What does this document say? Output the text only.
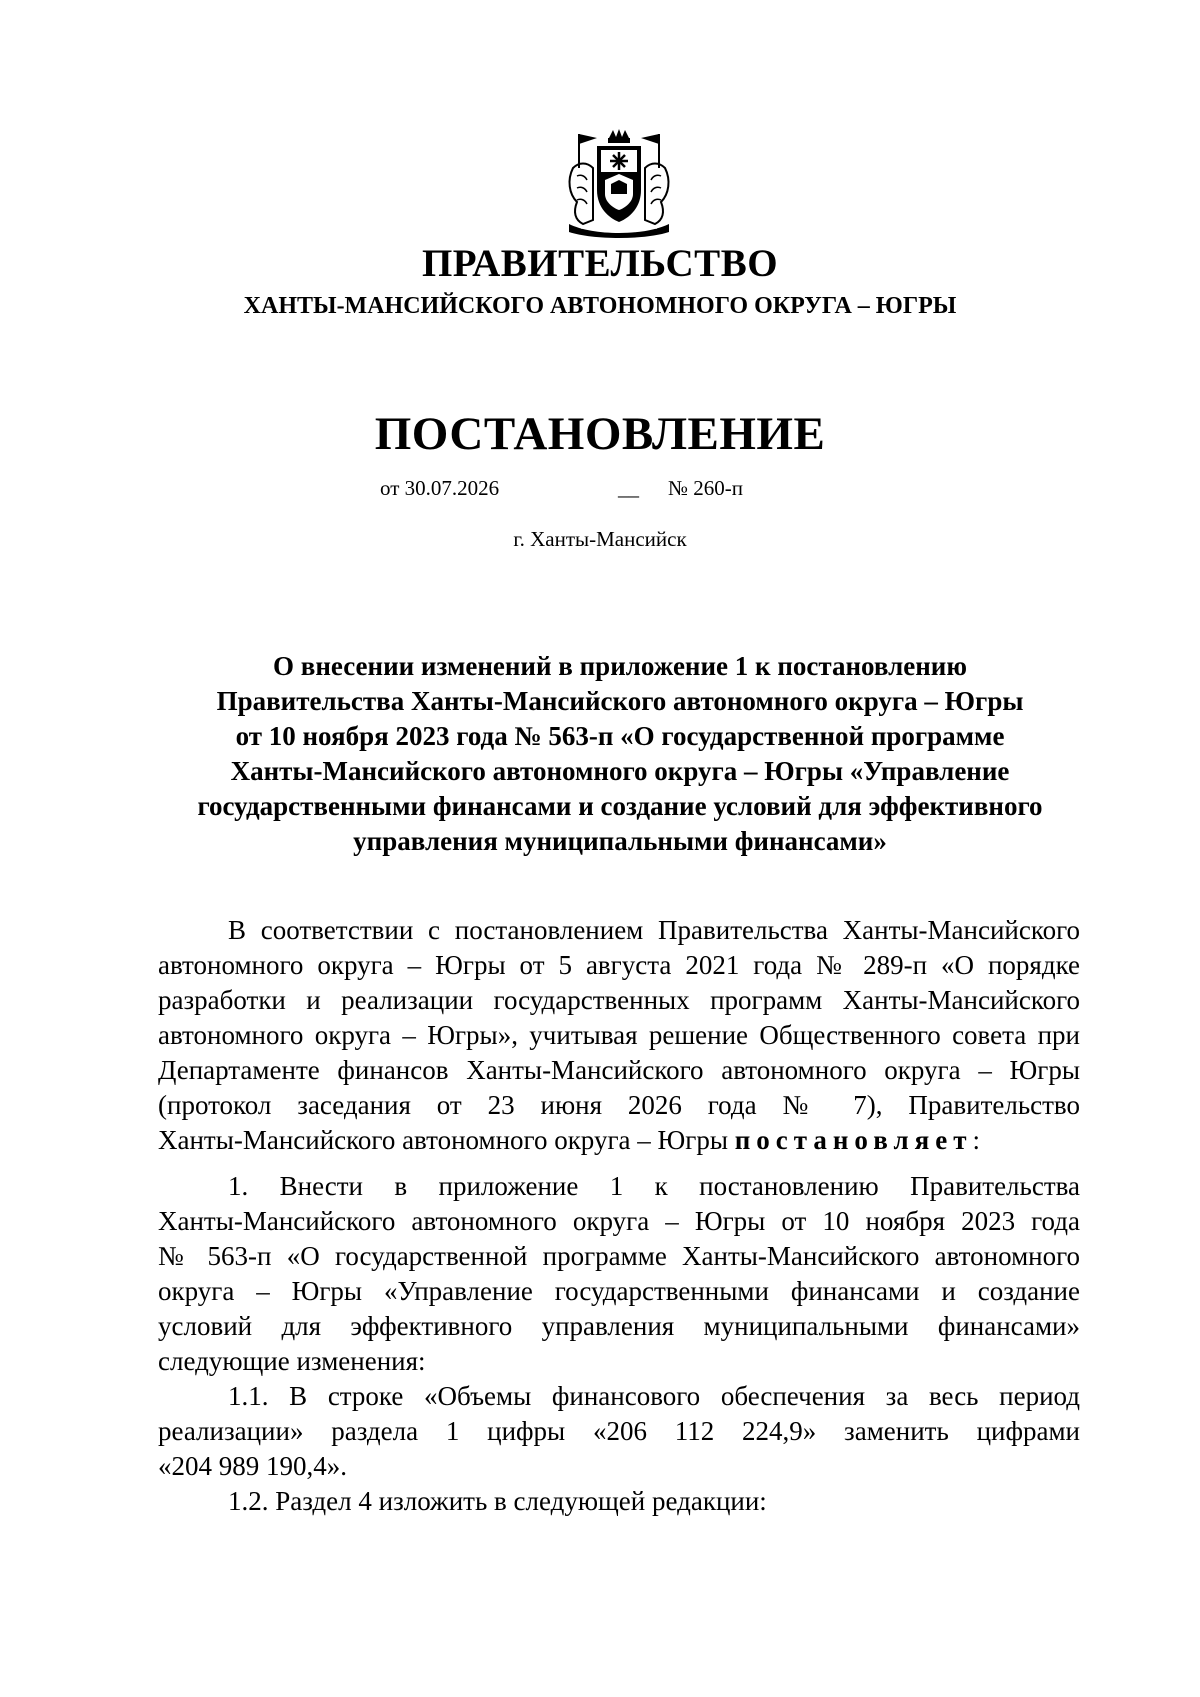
ПРАВИТЕЛЬСТВО
ХАНТЫ-МАНСИЙСКОГО АВТОНОМНОГО ОКРУГА – ЮГРЫ
ПОСТАНОВЛЕНИЕ
от 30.07.2026	__ № 260-п
г. Ханты-Мансийск
О внесении изменений в приложение 1 к постановлению
Правительства Ханты-Мансийского автономного округа – Югры
от 10 ноября 2023 года № 563-п «О государственной программе
Ханты-Мансийского автономного округа – Югры «Управление
государственными финансами и создание условий для эффективного
управления муниципальными финансами»
В соответствии с постановлением Правительства Ханты-Мансийского
автономного округа – Югры от 5 августа 2021 года № 289-п «О порядке
разработки и реализации государственных программ Ханты-Мансийского
автономного округа – Югры», учитывая решение Общественного совета при
Департаменте финансов Ханты-Мансийского автономного округа – Югры
(протокол заседания от 23 июня 2026 года № 7), Правительство
Ханты-Мансийского автономного округа – Югры постановляет:
1. Внести в приложение 1 к постановлению Правительства
Ханты-Мансийского автономного округа – Югры от 10 ноября 2023 года
№ 563-п «О государственной программе Ханты-Мансийского автономного
округа – Югры «Управление государственными финансами и создание
условий для эффективного управления муниципальными финансами»
следующие изменения:
1.1. В строке «Объемы финансового обеспечения за весь период
реализации» раздела 1 цифры «206 112 224,9» заменить цифрами
«204 989 190,4».
1.2. Раздел 4 изложить в следующей редакции:
